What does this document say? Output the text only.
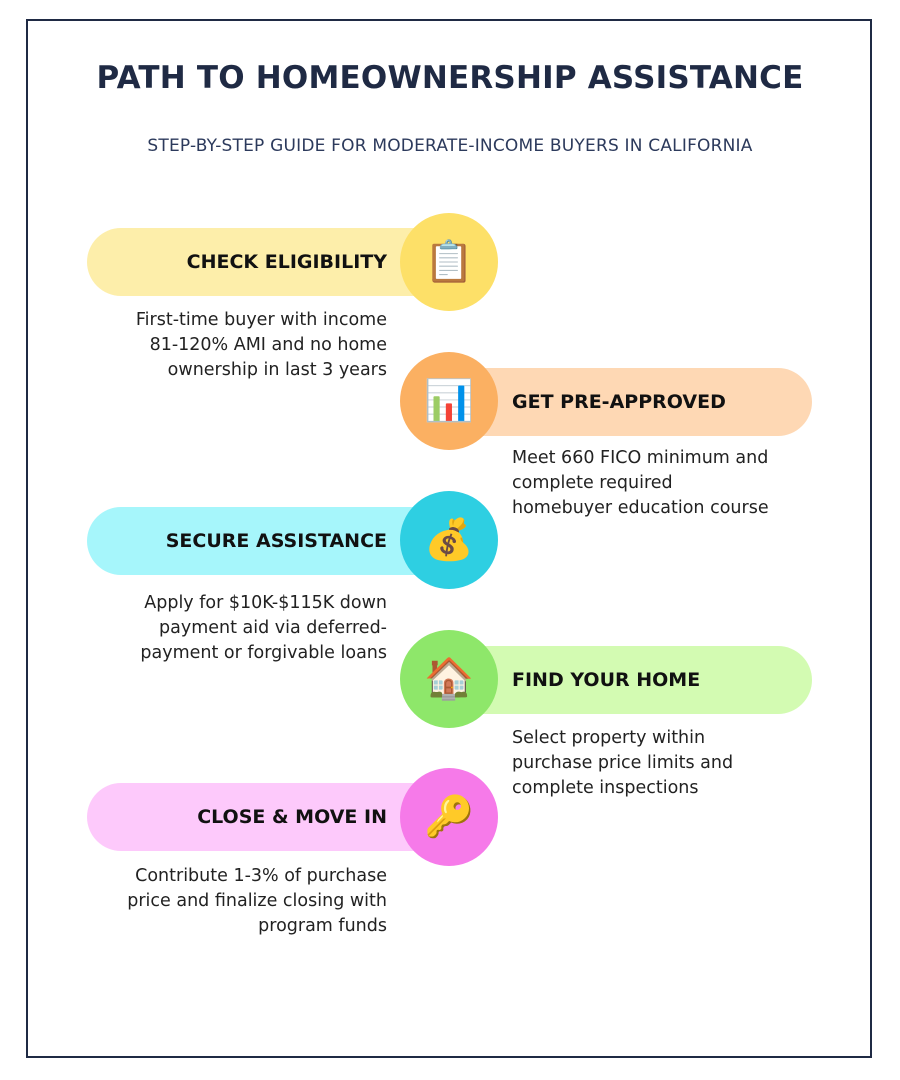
PATH TO HOMEOWNERSHIP ASSISTANCE
STEP-BY-STEP GUIDE FOR MODERATE-INCOME BUYERS IN CALIFORNIA
CHECK ELIGIBILITY 📋
First-time buyer with income
81-120% AMI and no home
ownership in last 3 years
GET PRE-APPROVED
📊
Meet 660 FICO minimum and
complete required
homebuyer education course
SECURE ASSISTANCE 💰
Apply for $10K-$115K down
payment aid via deferred-
payment or forgivable loans
FIND YOUR HOME
🏠
Select property within
purchase price limits and
complete inspections
CLOSE & MOVE IN 🔑
Contribute 1-3% of purchase
price and finalize closing with
program funds
